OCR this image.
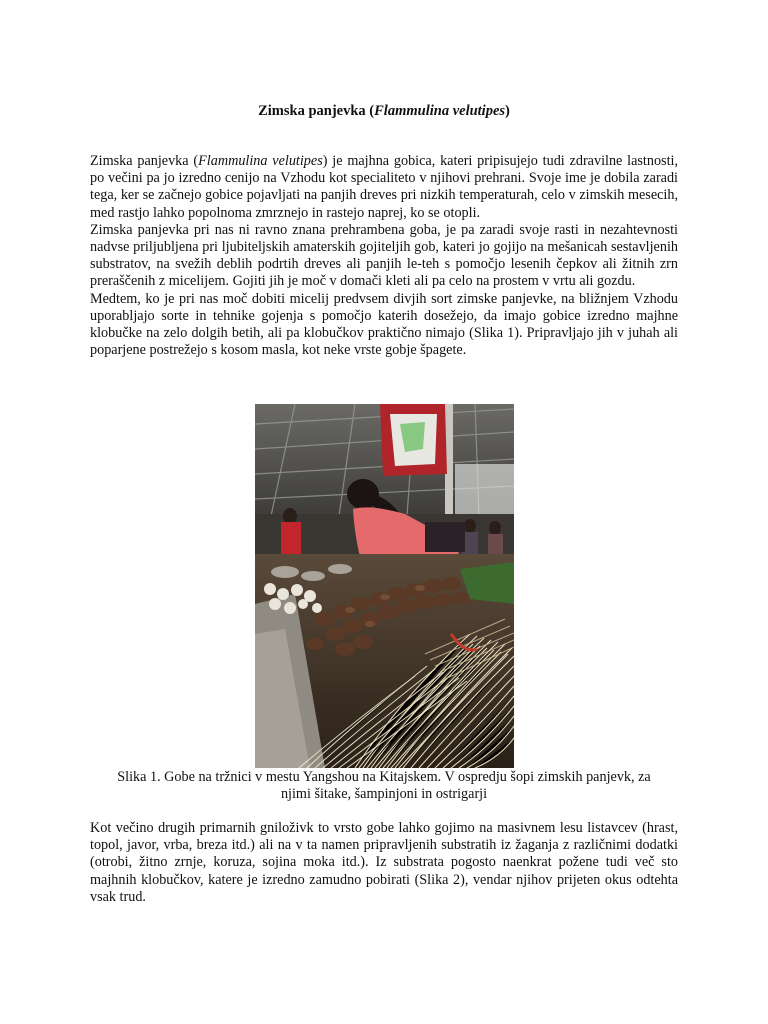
Zimska panjevka (Flammulina velutipes)

Zimska panjevka (Flammulina velutipes) je majhna gobica, kateri pripisujejo tudi zdravilne lastnosti, po večini pa jo izredno cenijo na Vzhodu kot specialiteto v njihovi prehrani. Svoje ime je dobila zaradi tega, ker se začnejo gobice pojavljati na panjih dreves pri nizkih temperaturah, celo v zimskih mesecih, med rastjo lahko popolnoma zmrznejo in rastejo naprej, ko se otopli.

Zimska panjevka pri nas ni ravno znana prehrambena goba, je pa zaradi svoje rasti in nezahtevnosti nadvse priljubljena pri ljubiteljskih amaterskih gojiteljih gob, kateri jo gojijo na mešanicah sestavljenih substratov, na svežih deblih podrtih dreves ali panjih le-teh s pomočjo lesenih čepkov ali žitnih zrn preraščenih z micelijem. Gojiti jih je moč v domači kleti ali pa celo na prostem v vrtu ali gozdu.

Medtem, ko je pri nas moč dobiti micelij predvsem divjih sort zimske panjevke, na bližnjem Vzhodu uporabljajo sorte in tehnike gojenja s pomočjo katerih dosežejo, da imajo gobice izredno majhne klobučke na zelo dolgih betih, ali pa klobučkov praktično nimajo (Slika 1). Pripravljajo jih v juhah ali poparjene postrežejo s kosom masla, kot neke vrste gobje špagete.

Slika 1. Gobe na tržnici v mestu Yangshou na Kitajskem. V ospredju šopi zimskih panjevk, za
njimi šitake, šampinjoni in ostrigarji

Kot večino drugih primarnih gniloživk to vrsto gobe lahko gojimo na masivnem lesu listavcev (hrast, topol, javor, vrba, breza itd.) ali na v ta namen pripravljenih substratih iz žaganja z različnimi dodatki (otrobi, žitno zrnje, koruza, sojina moka itd.). Iz substrata pogosto naenkrat požene tudi več sto majhnih klobučkov, katere je izredno zamudno pobirati (Slika 2), vendar njihov prijeten okus odtehta vsak trud.
